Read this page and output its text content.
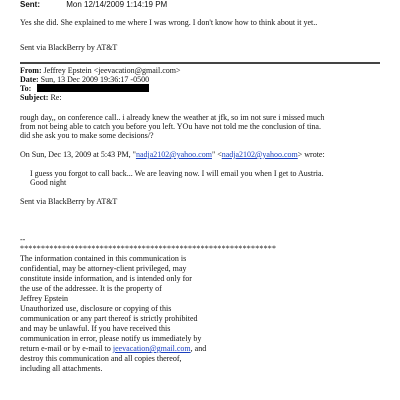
Sent:	Mon 12/14/2009 1:14:19 PM
Yes she did. She explained to me where I was wrong. I don't know how to think about it yet..
Sent via BlackBerry by AT&T
From: Jeffrey Epstein <jeevacation@gmail.com>
Date: Sun, 13 Dec 2009 19:36:17 -0500
To:
Subject: Re:
rough day,, on conference call.. i already knew the weather at jfk, so im not sure i missed much
from not being able to catch you before you left. YOu have not told me the conclusion of tina.
did she ask you to make some decisions/?
On Sun, Dec 13, 2009 at 5:43 PM, "nadja2102@yahoo.com" <nadja2102@yahoo.com> wrote:
I guess you forgot to call back... We are leaving now. I will email you when I get to Austria.
Good night
Sent via BlackBerry by AT&T
--
*************************************************************
The information contained in this communication is
confidential, may be attorney-client privileged, may
constitute inside information, and is intended only for
the use of the addressee. It is the property of
Jeffrey Epstein
Unauthorized use, disclosure or copying of this
communication or any part thereof is strictly prohibited
and may be unlawful. If you have received this
communication in error, please notify us immediately by
return e-mail or by e-mail to jeevacation@gmail.com, and
destroy this communication and all copies thereof,
including all attachments.
